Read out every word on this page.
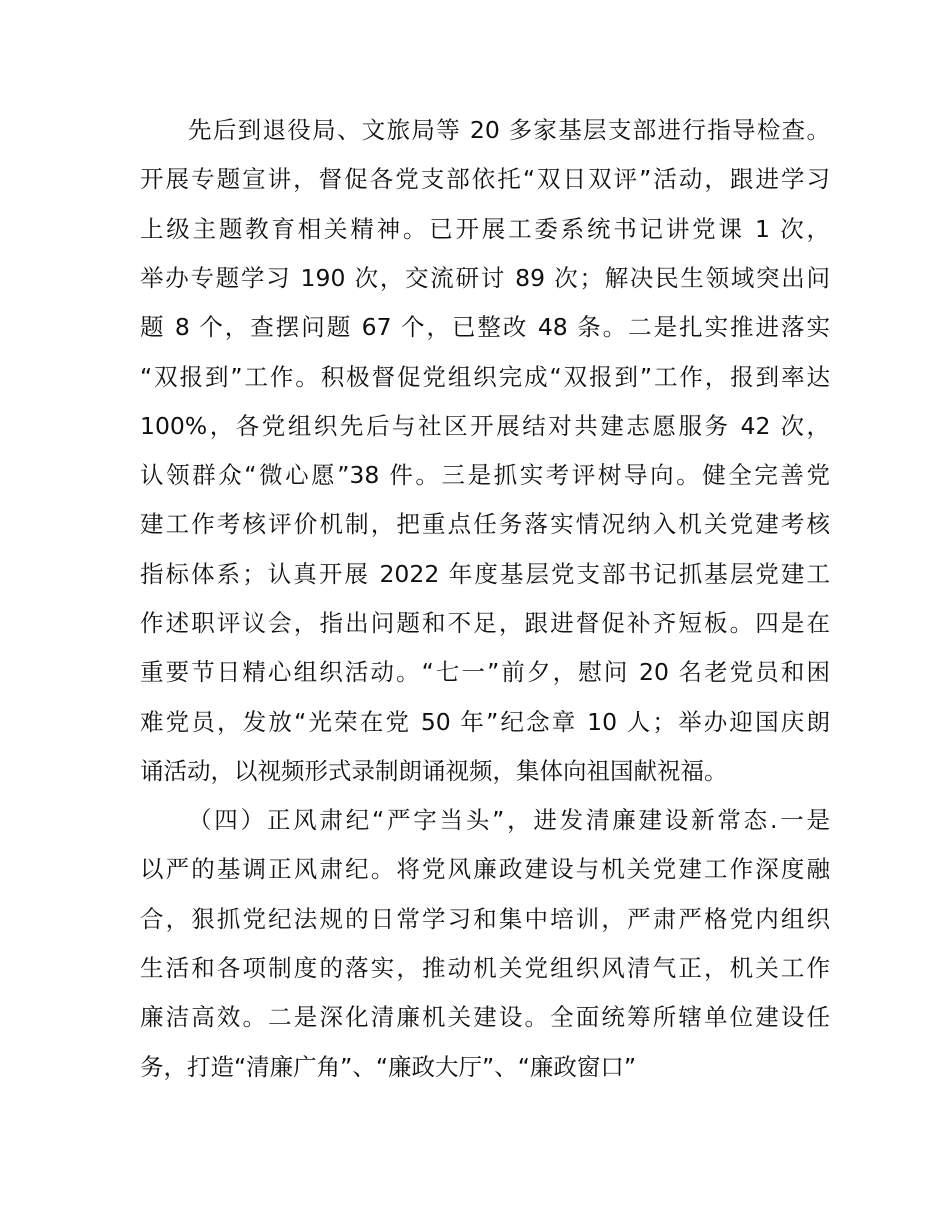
先后到退役局、文旅局等 20 多家基层支部进行指导检查。
开展专题宣讲，督促各党支部依托“双日双评”活动，跟进学习
上级主题教育相关精神。已开展工委系统书记讲党课 1 次，
举办专题学习 190 次，交流研讨 89 次；解决民生领域突出问
题 8 个，查摆问题 67 个，已整改 48 条。二是扎实推进落实
“双报到”工作。积极督促党组织完成“双报到”工作，报到率达
100%，各党组织先后与社区开展结对共建志愿服务 42 次，
认领群众“微心愿”38 件。三是抓实考评树导向。健全完善党
建工作考核评价机制，把重点任务落实情况纳入机关党建考核
指标体系；认真开展 2022 年度基层党支部书记抓基层党建工
作述职评议会，指出问题和不足，跟进督促补齐短板。四是在
重要节日精心组织活动。“七一”前夕，慰问 20 名老党员和困
难党员，发放“光荣在党 50 年”纪念章 10 人；举办迎国庆朗
诵活动，以视频形式录制朗诵视频，集体向祖国献祝福。
（四）正风肃纪“严字当头”，进发清廉建设新常态.一是
以严的基调正风肃纪。将党风廉政建设与机关党建工作深度融
合，狠抓党纪法规的日常学习和集中培训，严肃严格党内组织
生活和各项制度的落实，推动机关党组织风清气正，机关工作
廉洁高效。二是深化清廉机关建设。全面统筹所辖单位建设任
务，打造“清廉广角”、“廉政大厅”、“廉政窗口”
